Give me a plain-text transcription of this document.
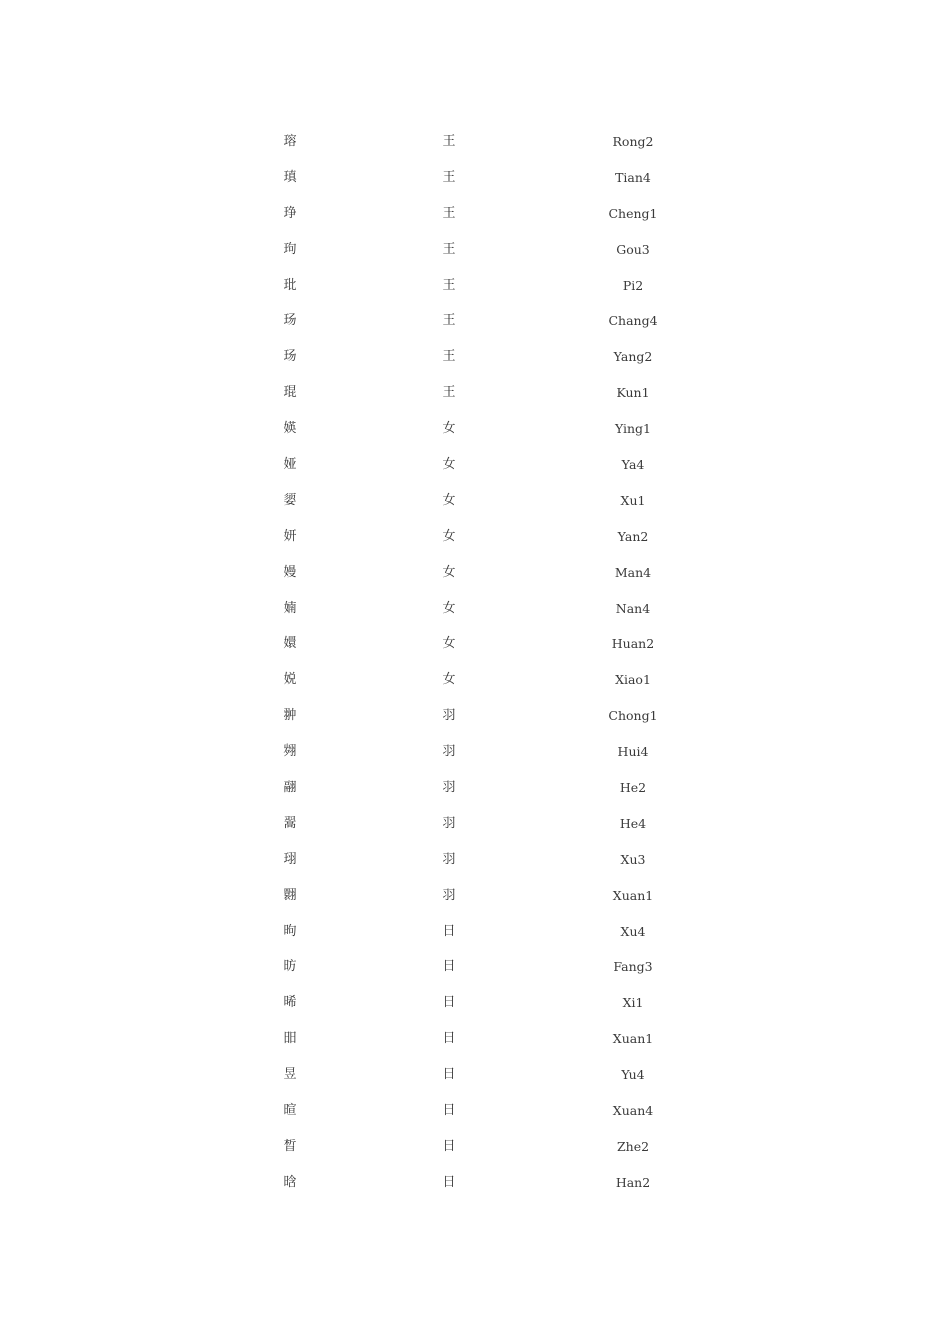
瑢	王	Rong2
瑱	王	Tian4
琤	王	Cheng1
玽	王	Gou3
玭	王	Pi2
玚	王	Chang4
玚	王	Yang2
琨	王	Kun1
媖	女	Ying1
娅	女	Ya4
媭	女	Xu1
妍	女	Yan2
嫚	女	Man4
婻	女	Nan4
嬛	女	Huan2
娧	女	Xiao1
翀	羽	Chong1
翙	羽	Hui4
翮	羽	He2
翯	羽	He4
珝	羽	Xu3
翾	羽	Xuan1
昫	日	Xu4
昉	日	Fang3
晞	日	Xi1
昍	日	Xuan1
昱	日	Yu4
暄	日	Xuan4
晳	日	Zhe2
晗	日	Han2
